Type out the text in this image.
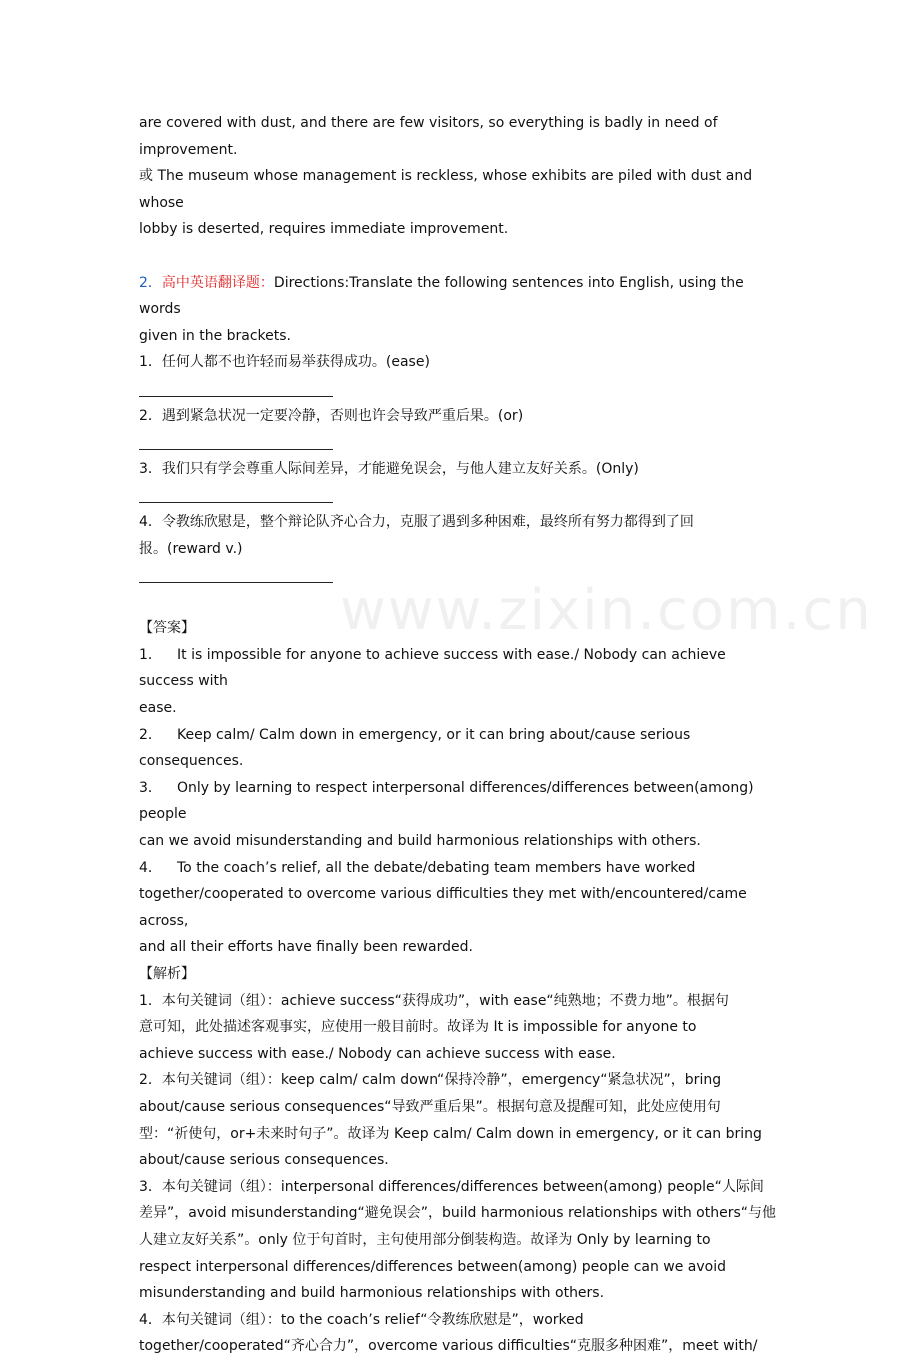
www.zixin.com.cn

are covered with dust, and there are few visitors, so everything is badly in need of improvement.

或 The museum whose management is reckless, whose exhibits are piled with dust and whose

lobby is deserted, requires immediate improvement.

2．高中英语翻译题：Directions:Translate the following sentences into English, using the words

given in the brackets.

1．任何人都不也许轻而易举获得成功。(ease)

2．遇到紧急状况一定要冷静，否则也许会导致严重后果。(or)

3．我们只有学会尊重人际间差异，才能避免误会，与他人建立友好关系。(Only)

4．令教练欣慰是，整个辩论队齐心合力，克服了遇到多种困难，最终所有努力都得到了回

报。(reward v.)

【答案】

1． It is impossible for anyone to achieve success with ease./ Nobody can achieve success with

ease.

2． Keep calm/ Calm down in emergency, or it can bring about/cause serious consequences.

3． Only by learning to respect interpersonal differences/differences between(among) people

can we avoid misunderstanding and build harmonious relationships with others.

4． To the coach’s relief, all the debate/debating team members have worked

together/cooperated to overcome various difficulties they met with/encountered/came across,

and all their efforts have finally been rewarded.

【解析】

1．本句关键词（组）：achieve success“获得成功”，with ease“纯熟地；不费力地”。根据句

意可知，此处描述客观事实，应使用一般目前时。故译为 It is impossible for anyone to

achieve success with ease./ Nobody can achieve success with ease.

2．本句关键词（组）：keep calm/ calm down“保持冷静”，emergency“紧急状况”，bring

about/cause serious consequences“导致严重后果”。根据句意及提醒可知，此处应使用句

型：“祈使句，or+未来时句子”。故译为 Keep calm/ Calm down in emergency, or it can bring

about/cause serious consequences.

3．本句关键词（组）：interpersonal differences/differences between(among) people“人际间

差异”，avoid misunderstanding“避免误会”，build harmonious relationships with others“与他

人建立友好关系”。only 位于句首时，主句使用部分倒装构造。故译为 Only by learning to

respect interpersonal differences/differences between(among) people can we avoid

misunderstanding and build harmonious relationships with others.

4．本句关键词（组）：to the coach’s relief“令教练欣慰是”，worked

together/cooperated“齐心合力”，overcome various difficulties“克服多种困难”，meet with/
